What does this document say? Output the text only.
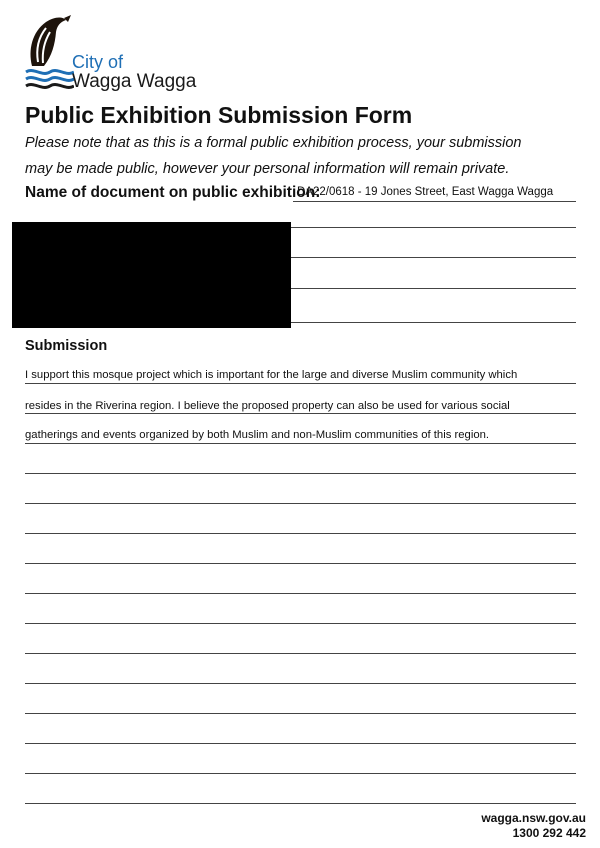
City of
Wagga Wagga
Public Exhibition Submission Form
Please note that as this is a formal public exhibition process, your submission
may be made public, however your personal information will remain private.
Name of document on public exhibition:
DA22/0618 - 19 Jones Street, East Wagga Wagga
Submission
I support this mosque project which is important for the large and diverse Muslim community which
resides in the Riverina region. I believe the proposed property can also be used for various social
gatherings and events organized by both Muslim and non-Muslim communities of this region.
wagga.nsw.gov.au
1300 292 442
